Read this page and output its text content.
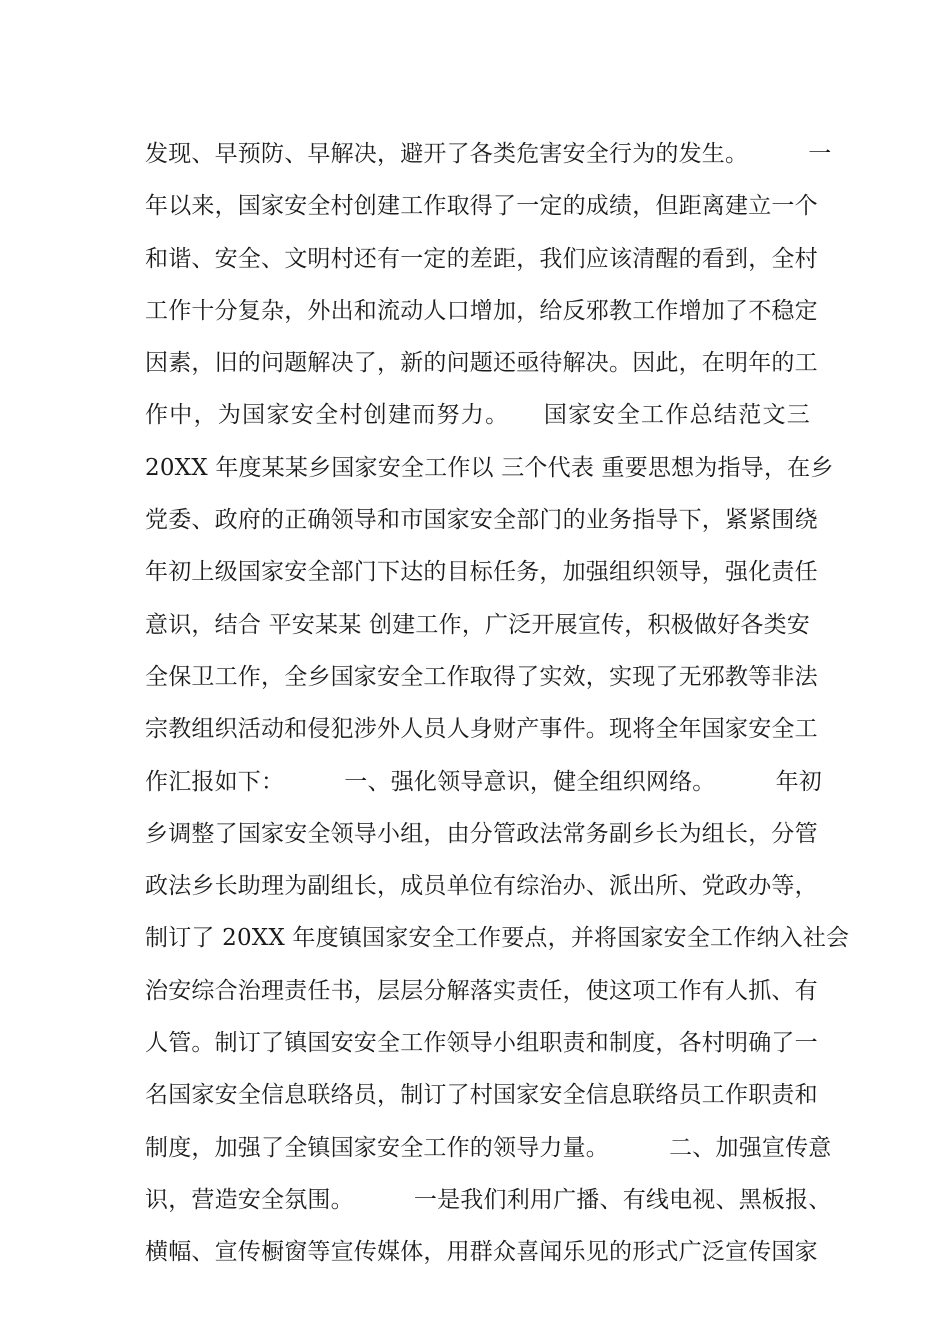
发现、早预防、早解决，避开了各类危害安全行为的发生。        一
年以来，国家安全村创建工作取得了一定的成绩，但距离建立一个
和谐、安全、文明村还有一定的差距，我们应该清醒的看到，全村
工作十分复杂，外出和流动人口增加，给反邪教工作增加了不稳定
因素，旧的问题解决了，新的问题还亟待解决。因此，在明年的工
作中，为国家安全村创建而努力。    国家安全工作总结范文三
20XX 年度某某乡国家安全工作以 三个代表 重要思想为指导，在乡
党委、政府的正确领导和市国家安全部门的业务指导下，紧紧围绕
年初上级国家安全部门下达的目标任务，加强组织领导，强化责任
意识，结合 平安某某 创建工作，广泛开展宣传，积极做好各类安
全保卫工作，全乡国家安全工作取得了实效，实现了无邪教等非法
宗教组织活动和侵犯涉外人员人身财产事件。现将全年国家安全工
作汇报如下：        一、强化领导意识，健全组织网络。        年初
乡调整了国家安全领导小组，由分管政法常务副乡长为组长，分管
政法乡长助理为副组长，成员单位有综治办、派出所、党政办等，
制订了 20XX 年度镇国家安全工作要点，并将国家安全工作纳入社会
治安综合治理责任书，层层分解落实责任，使这项工作有人抓、有
人管。制订了镇国安安全工作领导小组职责和制度，各村明确了一
名国家安全信息联络员，制订了村国家安全信息联络员工作职责和
制度，加强了全镇国家安全工作的领导力量。        二、加强宣传意
识，营造安全氛围。        一是我们利用广播、有线电视、黑板报、
横幅、宣传橱窗等宣传媒体，用群众喜闻乐见的形式广泛宣传国家
